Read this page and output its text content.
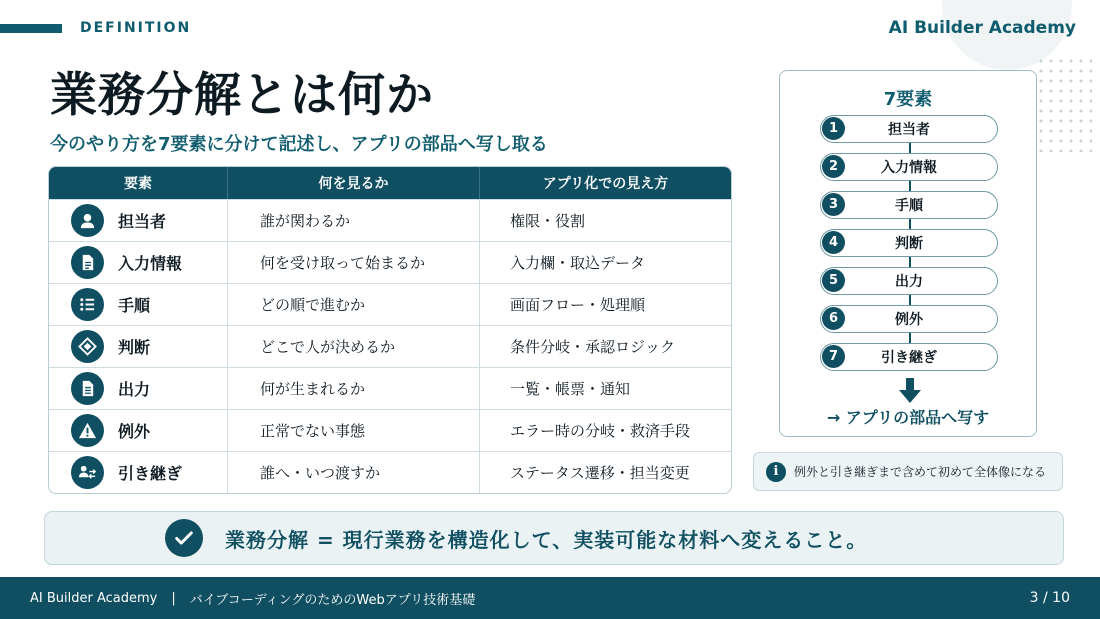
DEFINITION	AI Builder Academy
業務分解とは何か
今のやり方を7要素に分けて記述し、アプリの部品へ写し取る
要素	何を見るか	アプリ化での見え方
担当者	誰が関わるか	権限・役割
入力情報	何を受け取って始まるか	入力欄・取込データ
手順	どの順で進むか	画面フロー・処理順
判断	どこで人が決めるか	条件分岐・承認ロジック
出力	何が生まれるか	一覧・帳票・通知
例外	正常でない事態	エラー時の分岐・救済手段
引き継ぎ	誰へ・いつ渡すか	ステータス遷移・担当変更
7要素
1	担当者
2	入力情報
3	手順
4	判断
5	出力
6	例外
7	引き継ぎ
→ アプリの部品へ写す
i	例外と引き継ぎまで含めて初めて全体像になる
業務分解 = 現行業務を構造化して、実装可能な材料へ変えること。
AI Builder Academy | バイブコーディングのためのWebアプリ技術基礎	3 / 10
